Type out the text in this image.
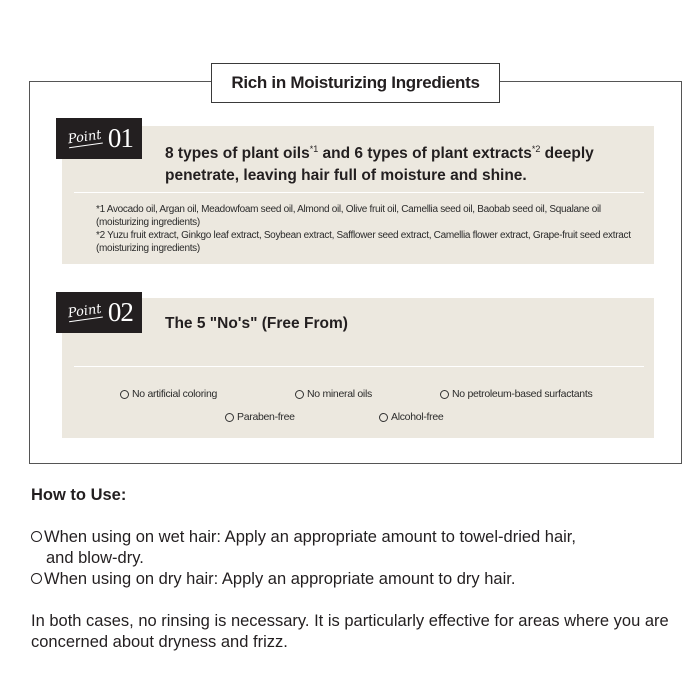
Rich in Moisturizing Ingredients
Point 01
8 types of plant oils$^{*1}$ and 6 types of plant extracts$^{*2}$ deeply penetrate, leaving hair full of moisture and shine.
*1 Avocado oil, Argan oil, Meadowfoam seed oil, Almond oil, Olive fruit oil, Camellia seed oil, Baobab seed oil, Squalane oil (moisturizing ingredients)
*2 Yuzu fruit extract, Ginkgo leaf extract, Soybean extract, Safflower seed extract, Camellia flower extract, Grape-fruit seed extract (moisturizing ingredients)
Point 02 The 5 "No's" (Free From)
No artificial coloring	No mineral oils	No petroleum-based surfactants
Paraben-free	Alcohol-free
How to Use:
When using on wet hair: Apply an appropriate amount to towel-dried hair,
and blow-dry.
When using on dry hair: Apply an appropriate amount to dry hair.
In both cases, no rinsing is necessary. It is particularly effective for areas where you are concerned about dryness and frizz.
